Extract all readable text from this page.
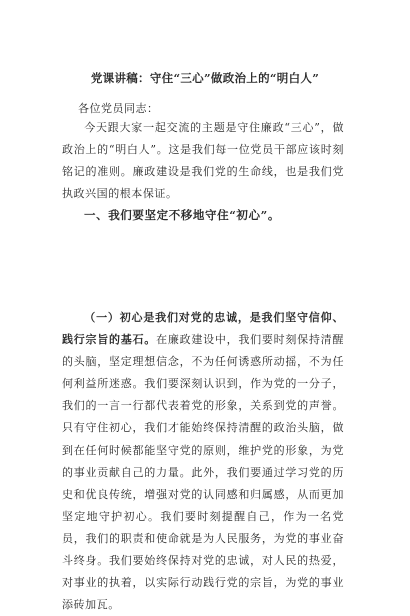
党课讲稿：守住“三心”做政治上的“明白人”
各位党员同志：

今天跟大家一起交流的主题是守住廉政“三心”，做政治上的“明白人”。这是我们每一位党员干部应该时刻铭记的准则。廉政建设是我们党的生命线，也是我们党执政兴国的根本保证。

一、我们要坚定不移地守住“初心”。

（一）初心是我们对党的忠诚，是我们坚守信仰、践行宗旨的基石。在廉政建设中，我们要时刻保持清醒的头脑，坚定理想信念，不为任何诱惑所动摇，不为任何利益所迷惑。我们要深刻认识到，作为党的一分子，我们的一言一行都代表着党的形象，关系到党的声誉。只有守住初心，我们才能始终保持清醒的政治头脑，做到在任何时候都能坚守党的原则，维护党的形象，为党的事业贡献自己的力量。此外，我们要通过学习党的历史和优良传统，增强对党的认同感和归属感，从而更加坚定地守护初心。我们要时刻提醒自己，作为一名党员，我们的职责和使命就是为人民服务，为党的事业奋斗终身。我们要始终保持对党的忠诚，对人民的热爱，对事业的执着，以实际行动践行党的宗旨，为党的事业添砖加瓦。
